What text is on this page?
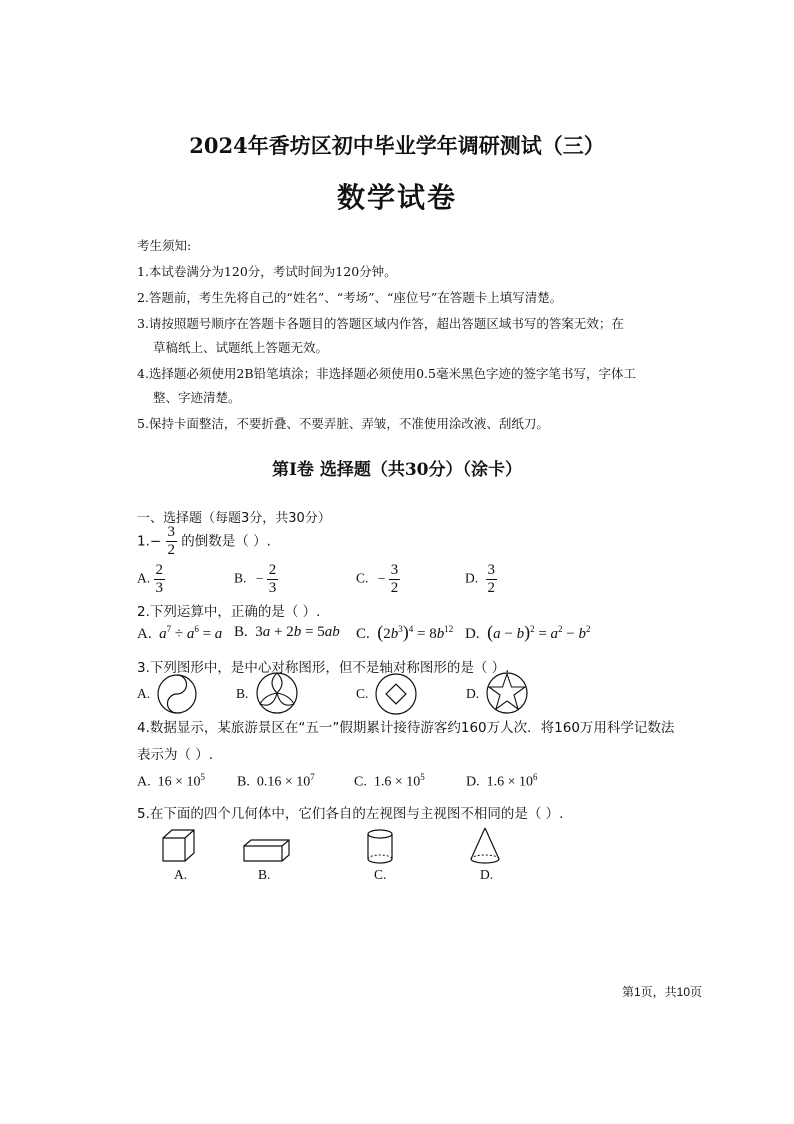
2024年香坊区初中毕业学年调研测试（三）
数学试卷
考生须知:
1.本试卷满分为120分，考试时间为120分钟。
2.答题前，考生先将自己的“姓名”、“考场”、“座位号”在答题卡上填写清楚。
3.请按照题号顺序在答题卡各题目的答题区域内作答，超出答题区域书写的答案无效；在
草稿纸上、试题纸上答题无效。
4.选择题必须使用2B铅笔填涂；非选择题必须使用0.5毫米黑色字迹的签字笔书写，字体工
整、字迹清楚。
5.保持卡面整洁，不要折叠、不要弄脏、弄皱，不准使用涂改液、刮纸刀。
第Ⅰ卷 选择题（共30分）（涂卡）
一、选择题（每题3分，共30分）
$1.- \frac{3}{2}$ 的倒数是（ ）.
A. $\frac{2}{3}$	B. − $\frac{2}{3}$	C. − $\frac{3}{2}$	D. $\frac{3}{2}$
2.下列运算中，正确的是（ ）.
A. $a^7 \div a^6 = a$ B.  3a + 2b = 5ab C. $(2b^3)^4 = 8b^{12}$ D. $(a - b)^2 = a^2 - b^2$
3.下列图形中，是中心对称图形，但不是轴对称图形的是（ ）.
A.	B.	C.	D.
4.数据显示，某旅游景区在“五一”假期累计接待游客约160万人次．将160万用科学记数法
表示为（ ）.
A. $16 \times 10^5$ B. $0.16 \times 10^7$	C. $1.6 \times 10^5$	D. $1.6 \times 10^6$
5.在下面的四个几何体中，它们各自的左视图与主视图不相同的是（ ）.
A.	B.	C.	D.
第1页，共10页
